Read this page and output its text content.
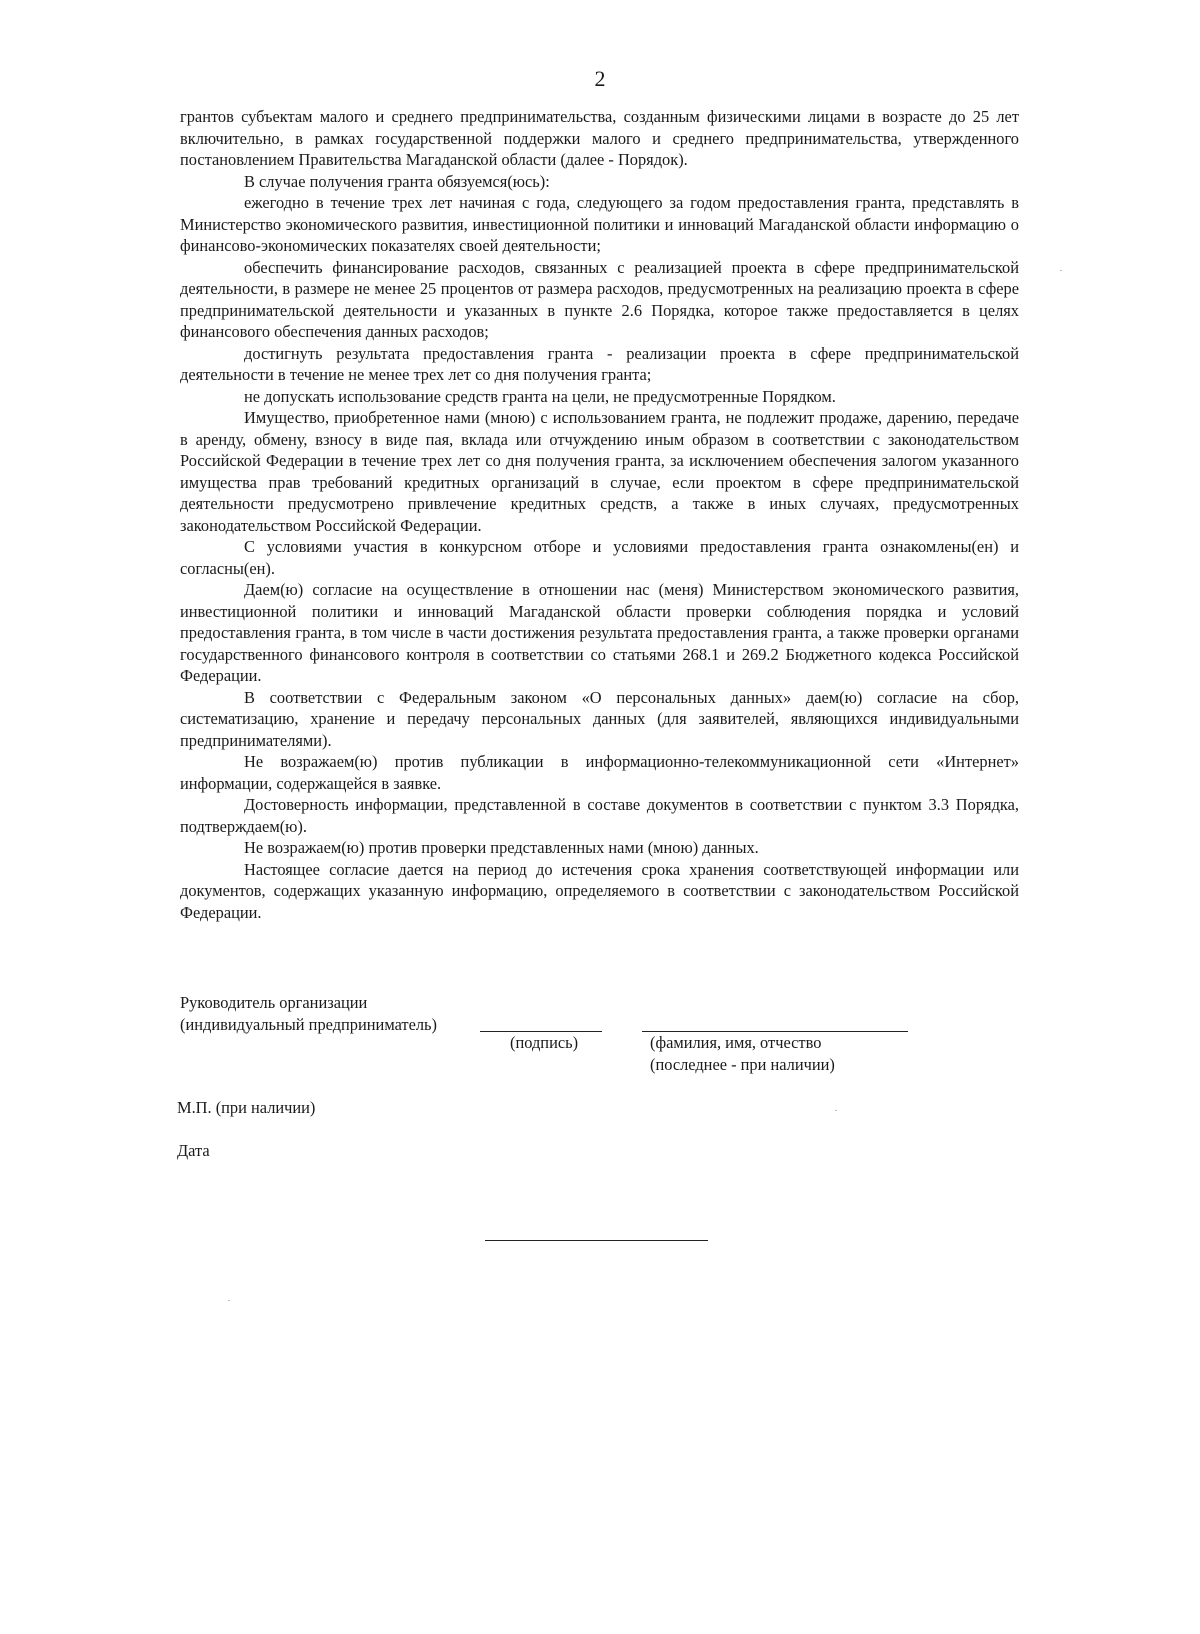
2

грантов субъектам малого и среднего предпринимательства, созданным физическими лицами в возрасте до 25 лет включительно, в рамках государственной поддержки малого и среднего предпринимательства, утвержденного постановлением Правительства Магаданской области (далее - Порядок).

В случае получения гранта обязуемся(юсь):

ежегодно в течение трех лет начиная с года, следующего за годом предоставления гранта, представлять в Министерство экономического развития, инвестиционной политики и инноваций Магаданской области информацию о финансово-экономических показателях своей деятельности;

обеспечить финансирование расходов, связанных с реализацией проекта в сфере предпринимательской деятельности, в размере не менее 25 процентов от размера расходов, предусмотренных на реализацию проекта в сфере предпринимательской деятельности и указанных в пункте 2.6 Порядка, которое также предоставляется в целях финансового обеспечения данных расходов;

достигнуть результата предоставления гранта - реализации проекта в сфере предпринимательской деятельности в течение не менее трех лет со дня получения гранта;

не допускать использование средств гранта на цели, не предусмотренные Порядком.

Имущество, приобретенное нами (мною) с использованием гранта, не подлежит продаже, дарению, передаче в аренду, обмену, взносу в виде пая, вклада или отчуждению иным образом в соответствии с законодательством Российской Федерации в течение трех лет со дня получения гранта, за исключением обеспечения залогом указанного имущества прав требований кредитных организаций в случае, если проектом в сфере предпринимательской деятельности предусмотрено привлечение кредитных средств, а также в иных случаях, предусмотренных законодательством Российской Федерации.

С условиями участия в конкурсном отборе и условиями предоставления гранта ознакомлены(ен) и согласны(ен).

Даем(ю) согласие на осуществление в отношении нас (меня) Министерством экономического развития, инвестиционной политики и инноваций Магаданской области проверки соблюдения порядка и условий предоставления гранта, в том числе в части достижения результата предоставления гранта, а также проверки органами государственного финансового контроля в соответствии со статьями 268.1 и 269.2 Бюджетного кодекса Российской Федерации.

В соответствии с Федеральным законом «О персональных данных» даем(ю) согласие на сбор, систематизацию, хранение и передачу персональных данных (для заявителей, являющихся индивидуальными предпринимателями).

Не возражаем(ю) против публикации в информационно-телекоммуникационной сети «Интернет» информации, содержащейся в заявке.

Достоверность информации, представленной в составе документов в соответствии с пунктом 3.3 Порядка, подтверждаем(ю).

Не возражаем(ю) против проверки представленных нами (мною) данных.

Настоящее согласие дается на период до истечения срока хранения соответствующей информации или документов, содержащих указанную информацию, определяемого в соответствии с законодательством Российской Федерации.

Руководитель организации
(индивидуальный предприниматель)
(подпись)	(фамилия, имя, отчество
(последнее - при наличии)
М.П. (при наличии)
Дата
